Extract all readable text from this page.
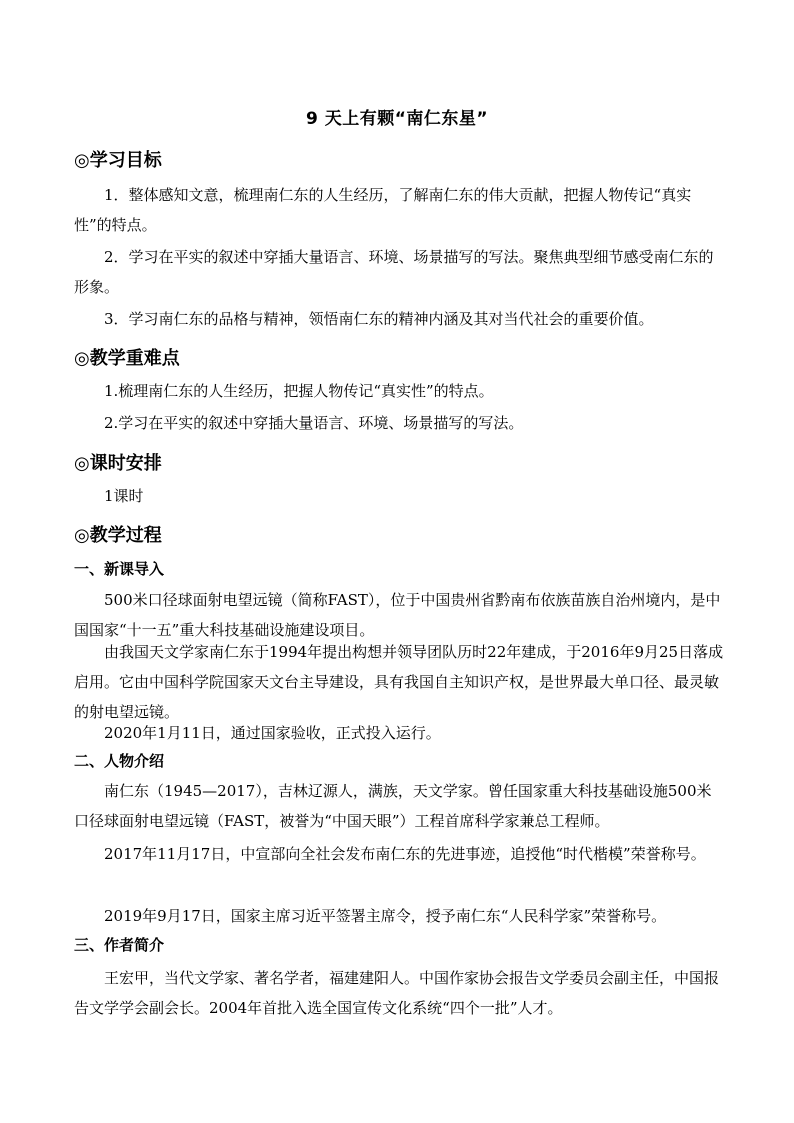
9 天上有颗“南仁东星”
◎学习目标

1．整体感知文意，梳理南仁东的人生经历，了解南仁东的伟大贡献，把握人物传记“真实性”的特点。

2．学习在平实的叙述中穿插大量语言、环境、场景描写的写法。聚焦典型细节感受南仁东的形象。

3．学习南仁东的品格与精神，领悟南仁东的精神内涵及其对当代社会的重要价值。

◎教学重难点

1.梳理南仁东的人生经历，把握人物传记“真实性”的特点。

2.学习在平实的叙述中穿插大量语言、环境、场景描写的写法。

◎课时安排

1课时

◎教学过程
一、新课导入

500米口径球面射电望远镜（简称FAST），位于中国贵州省黔南布依族苗族自治州境内，是中国国家“十一五”重大科技基础设施建设项目。

由我国天文学家南仁东于1994年提出构想并领导团队历时22年建成，于2016年9月25日落成启用。它由中国科学院国家天文台主导建设，具有我国自主知识产权，是世界最大单口径、最灵敏的射电望远镜。

2020年1月11日，通过国家验收，正式投入运行。

二、人物介绍

南仁东（1945—2017），吉林辽源人，满族，天文学家。曾任国家重大科技基础设施500米口径球面射电望远镜（FAST，被誉为“中国天眼”）工程首席科学家兼总工程师。

2017年11月17日，中宣部向全社会发布南仁东的先进事迹，追授他“时代楷模”荣誉称号。

2019年9月17日，国家主席习近平签署主席令，授予南仁东“人民科学家”荣誉称号。

三、作者简介

王宏甲，当代文学家、著名学者，福建建阳人。中国作家协会报告文学委员会副主任，中国报告文学学会副会长。2004年首批入选全国宣传文化系统“四个一批”人才。
